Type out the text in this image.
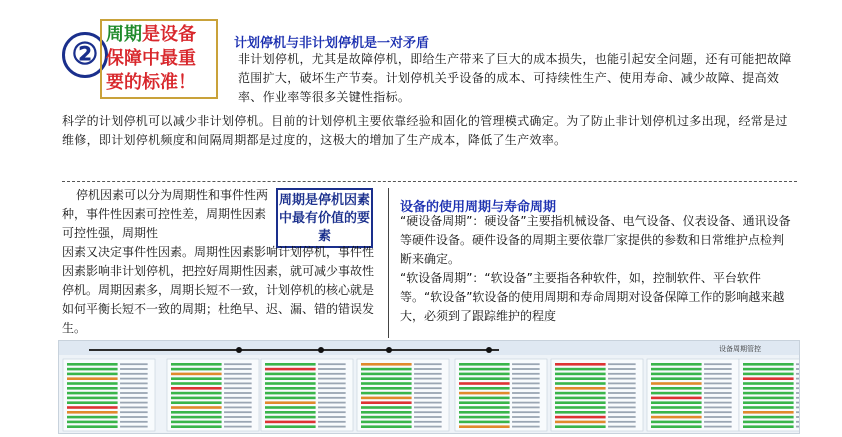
②
周期是设备
保障中最重
要的标准！
计划停机与非计划停机是一对矛盾
非计划停机，尤其是故障停机，即给生产带来了巨大的成本损失，也能引起安全问题，还有可能把故障范围扩大，破坏生产节奏。计划停机关乎设备的成本、可持续性生产、使用寿命、减少故障、提高效率、作业率等很多关键性指标。
科学的计划停机可以减少非计划停机。目前的计划停机主要依靠经验和固化的管理模式确定。为了防止非计划停机过多出现，经常是过维修，即计划停机频度和间隔周期都是过度的，这极大的增加了生产成本，降低了生产效率。
停机因素可以分为周期性和事件性两种，事件性因素可控性差，周期性因素可控性强，周期性
周期是停机因素中最有价值的要素
因素又决定事件性因素。周期性因素影响计划停机，事件性因素影响非计划停机，把控好周期性因素，就可减少事故性停机。周期因素多，周期长短不一致，计划停机的核心就是如何平衡长短不一致的周期；杜绝早、迟、漏、错的错误发生。
设备的使用周期与寿命周期
“硬设备周期”：硬设备”主要指机械设备、电气设备、仪表设备、通讯设备等硬件设备。硬件设备的周期主要依靠厂家提供的参数和日常维护点检判断来确定。
“软设备周期”：“软设备”主要指各种软件，如，控制软件、平台软件等。“软设备”软设备的使用周期和寿命周期对设备保障工作的影响越来越大，必须到了跟踪维护的程度
设备周期管控
